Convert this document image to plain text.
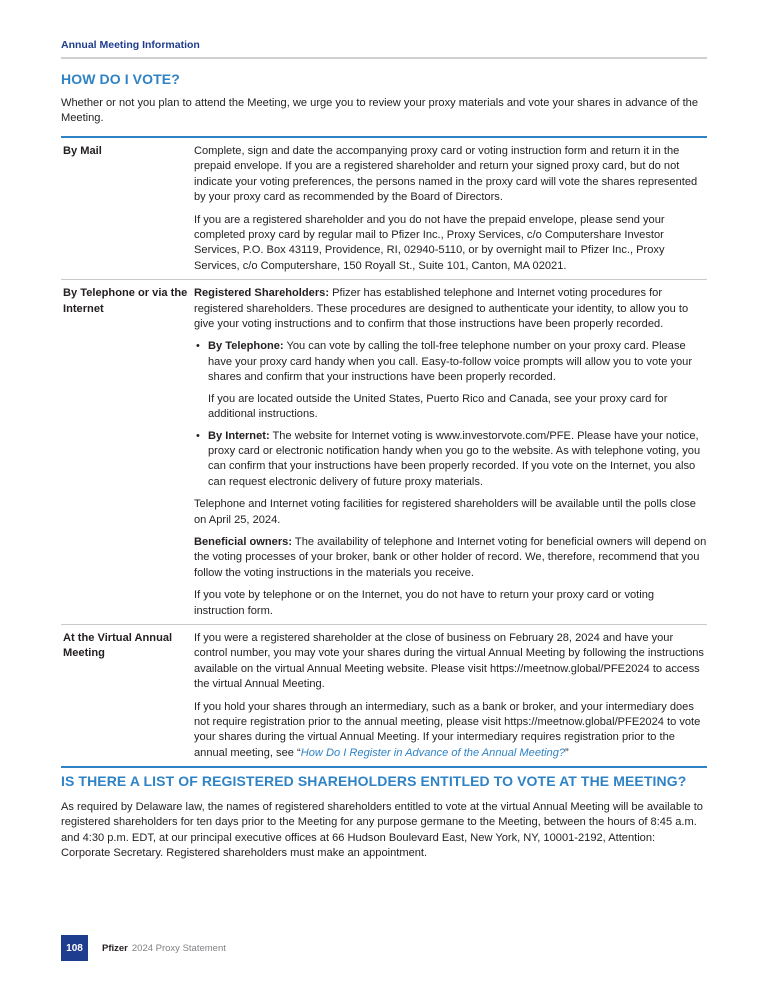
Annual Meeting Information
HOW DO I VOTE?

Whether or not you plan to attend the Meeting, we urge you to review your proxy materials and vote your shares in advance of the Meeting.

By Mail	Complete, sign and date the accompanying proxy card or voting instruction form and return it in the prepaid envelope. If you are a registered shareholder and return your signed proxy card, but do not indicate your voting preferences, the persons named in the proxy card will vote the shares represented by your proxy card as recommended by the Board of Directors.

If you are a registered shareholder and you do not have the prepaid envelope, please send your completed proxy card by regular mail to Pfizer Inc., Proxy Services, c/o Computershare Investor Services, P.O. Box 43119, Providence, RI, 02940-5110, or by overnight mail to Pfizer Inc., Proxy Services, c/o Computershare, 150 Royall St., Suite 101, Canton, MA 02021.

By Telephone or via the Internet

Registered Shareholders: Pfizer has established telephone and Internet voting procedures for registered shareholders. These procedures are designed to authenticate your identity, to allow you to give your voting instructions and to confirm that those instructions have been properly recorded.

• By Telephone: You can vote by calling the toll-free telephone number on your proxy card. Please have your proxy card handy when you call. Easy-to-follow voice prompts will allow you to vote your shares and confirm that your instructions have been properly recorded.

If you are located outside the United States, Puerto Rico and Canada, see your proxy card for additional instructions.

• By Internet: The website for Internet voting is www.investorvote.com/PFE. Please have your notice, proxy card or electronic notification handy when you go to the website. As with telephone voting, you can confirm that your instructions have been properly recorded. If you vote on the Internet, you also can request electronic delivery of future proxy materials.

Telephone and Internet voting facilities for registered shareholders will be available until the polls close on April 25, 2024.

Beneficial owners: The availability of telephone and Internet voting for beneficial owners will depend on the voting processes of your broker, bank or other holder of record. We, therefore, recommend that you follow the voting instructions in the materials you receive.

If you vote by telephone or on the Internet, you do not have to return your proxy card or voting instruction form.

At the Virtual Annual Meeting

If you were a registered shareholder at the close of business on February 28, 2024 and have your control number, you may vote your shares during the virtual Annual Meeting by following the instructions available on the virtual Annual Meeting website. Please visit https://meetnow.global/PFE2024 to access the virtual Annual Meeting.

If you hold your shares through an intermediary, such as a bank or broker, and your intermediary does not require registration prior to the annual meeting, please visit https://meetnow.global/PFE2024 to vote your shares during the virtual Annual Meeting. If your intermediary requires registration prior to the annual meeting, see “How Do I Register in Advance of the Annual Meeting?”

IS THERE A LIST OF REGISTERED SHAREHOLDERS ENTITLED TO VOTE AT THE MEETING?

As required by Delaware law, the names of registered shareholders entitled to vote at the virtual Annual Meeting will be available to registered shareholders for ten days prior to the Meeting for any purpose germane to the Meeting, between the hours of 8:45 a.m. and 4:30 p.m. EDT, at our principal executive offices at 66 Hudson Boulevard East, New York, NY, 10001-2192, Attention: Corporate Secretary. Registered shareholders must make an appointment.

108	Pfizer 2024 Proxy Statement
